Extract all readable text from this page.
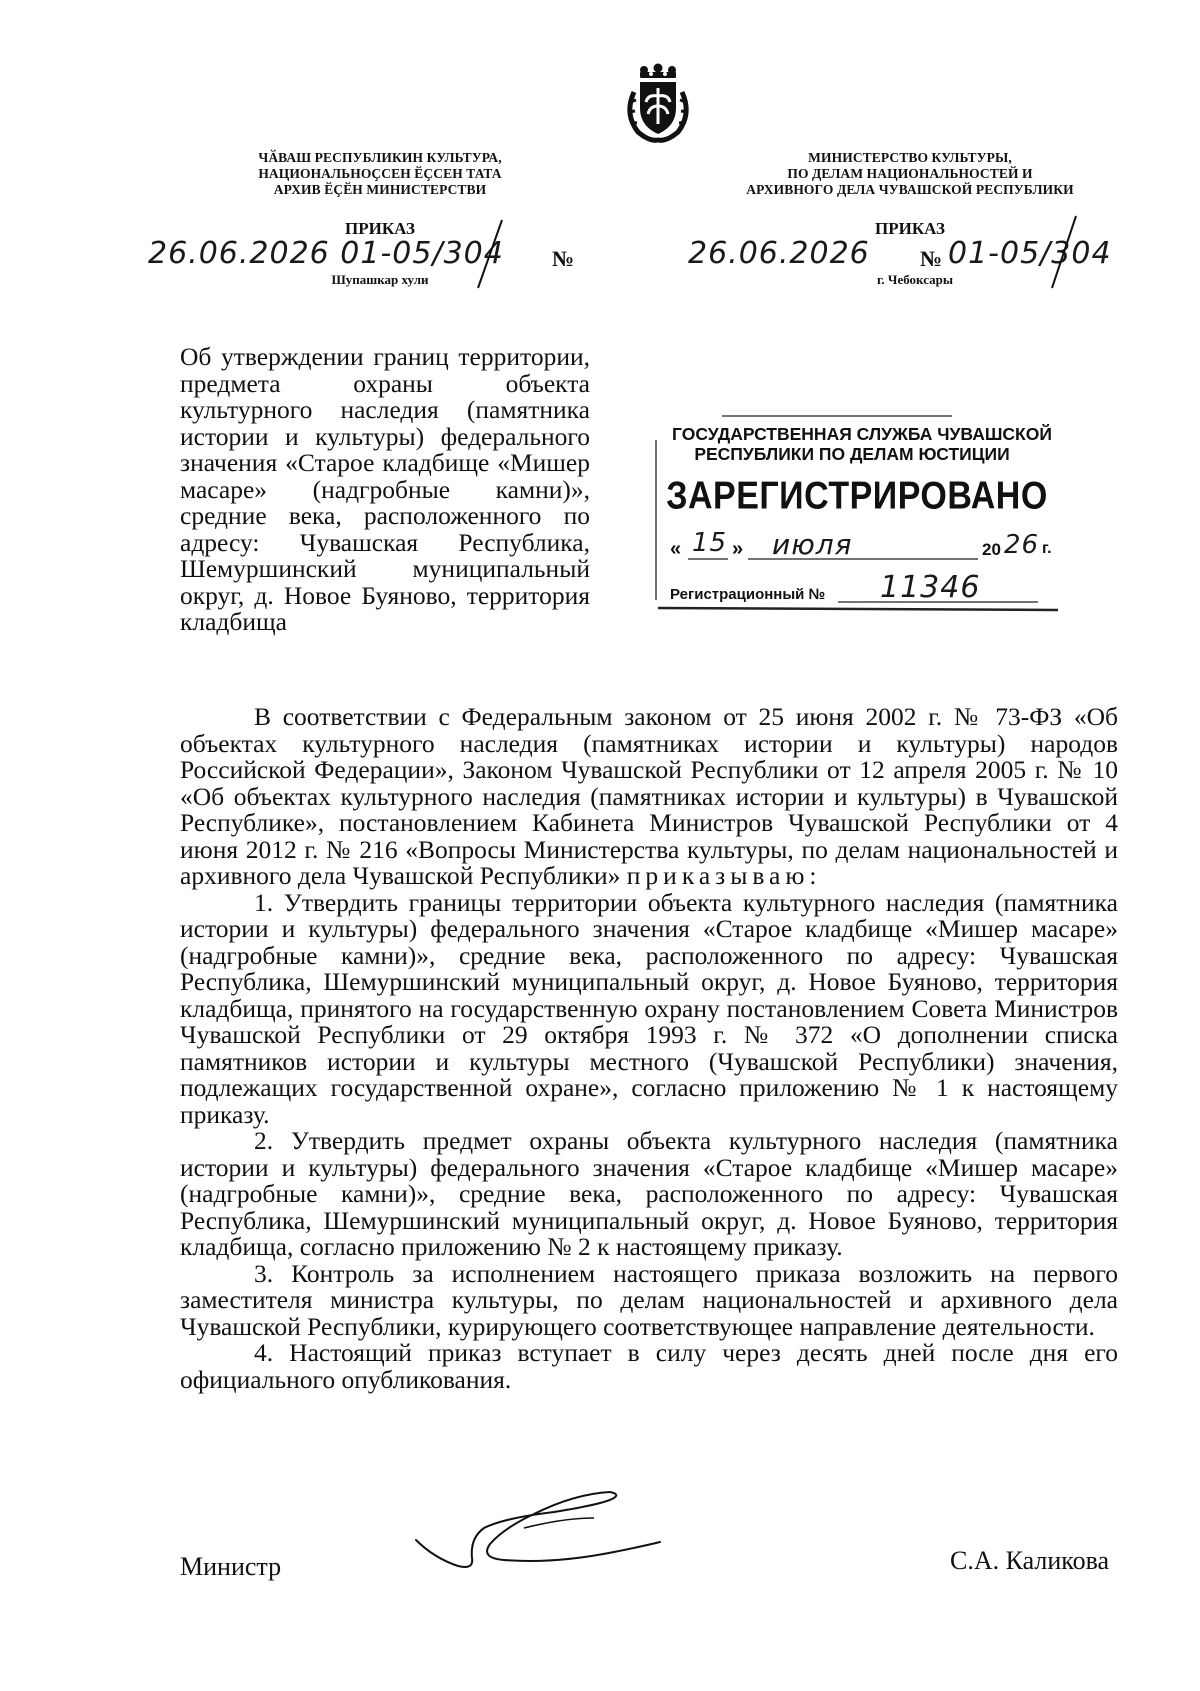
ЧӐВАШ РЕСПУБЛИКИН КУЛЬТУРА,
НАЦИОНАЛЬНОҪСЕН ӖҪСЕН ТАТА
АРХИВ ӖҪӖН МИНИСТЕРСТВИ
МИНИСТЕРСТВО КУЛЬТУРЫ,
ПО ДЕЛАМ НАЦИОНАЛЬНОСТЕЙ И
АРХИВНОГО ДЕЛА ЧУВАШСКОЙ РЕСПУБЛИКИ
ПРИКАЗ
26.06.2026 01-05/304 №
Шупашкар хули
ПРИКАЗ
26.06.2026 № 01-05/304
г. Чебоксары
Об утверждении границ территории, предмета охраны объекта культурного наследия (памятника истории и культуры) федерального значения «Старое кладбище «Мишер масаре» (надгробные камни)», средние века, расположенного по адресу: Чувашская Республика, Шемуршинский муниципальный округ, д. Новое Буяново, территория кладбища
ГОСУДАРСТВЕННАЯ СЛУЖБА ЧУВАШСКОЙ
РЕСПУБЛИКИ ПО ДЕЛАМ ЮСТИЦИИ
ЗАРЕГИСТРИРОВАНО
« 15 » июля	20 26 г.
Регистрационный № 11346

В соответствии с Федеральным законом от 25 июня 2002 г. № 73-ФЗ «Об объектах культурного наследия (памятниках истории и культуры) народов Российской Федерации», Законом Чувашской Республики от 12 апреля 2005 г. № 10 «Об объектах культурного наследия (памятниках истории и культуры) в Чувашской Республике», постановлением Кабинета Министров Чувашской Республики от 4 июня 2012 г. № 216 «Вопросы Министерства культуры, по делам национальностей и архивного дела Чувашской Республики» приказываю:

1. Утвердить границы территории объекта культурного наследия (памятника истории и культуры) федерального значения «Старое кладбище «Мишер масаре» (надгробные камни)», средние века, расположенного по адресу: Чувашская Республика, Шемуршинский муниципальный округ, д. Новое Буяново, территория кладбища, принятого на государственную охрану постановлением Совета Министров Чувашской Республики от 29 октября 1993 г. № 372 «О дополнении списка памятников истории и культуры местного (Чувашской Республики) значения, подлежащих государственной охране», согласно приложению № 1 к настоящему приказу.

2. Утвердить предмет охраны объекта культурного наследия (памятника истории и культуры) федерального значения «Старое кладбище «Мишер масаре» (надгробные камни)», средние века, расположенного по адресу: Чувашская Республика, Шемуршинский муниципальный округ, д. Новое Буяново, территория кладбища, согласно приложению № 2 к настоящему приказу.

3. Контроль за исполнением настоящего приказа возложить на первого заместителя министра культуры, по делам национальностей и архивного дела Чувашской Республики, курирующего соответствующее направление деятельности.

4. Настоящий приказ вступает в силу через десять дней после дня его официального опубликования.

Министр	С.А. Каликова
